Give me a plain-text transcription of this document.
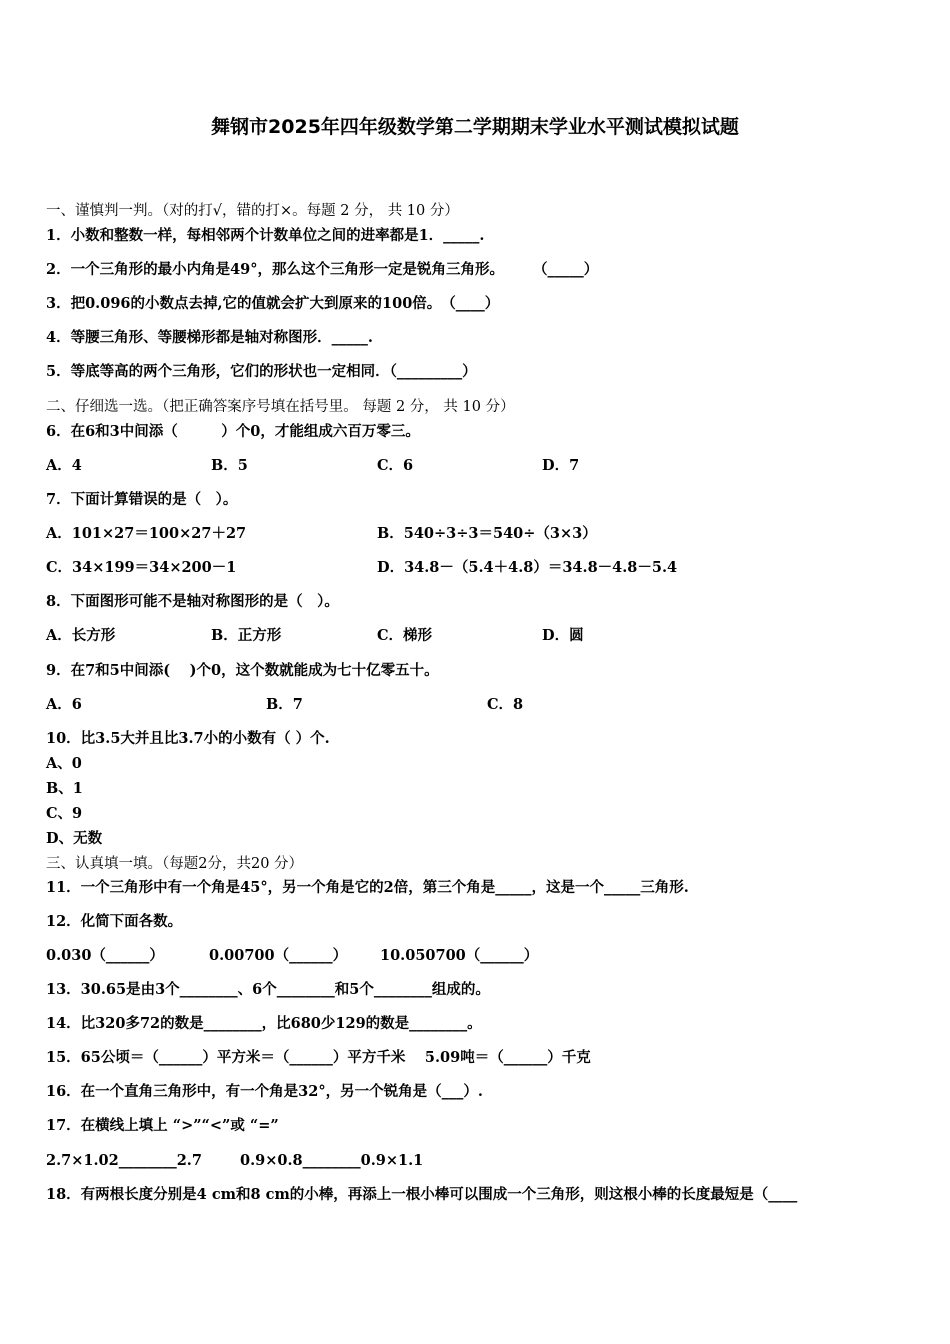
舞钢市2025年四年级数学第二学期期末学业水平测试模拟试题
一、谨慎判一判。（对的打√，错的打×。每题 2 分， 共 10 分）
1．小数和整数一样，每相邻两个计数单位之间的进率都是1．_____.
2．一个三角形的最小内角是49°，那么这个三角形一定是锐角三角形。　　　（_____）
3．把0.096的小数点去掉,它的值就会扩大到原来的100倍。　（____）
4．等腰三角形、等腰梯形都是轴对称图形．_____.
5．等底等高的两个三角形，它们的形状也一定相同．（_________）
二、仔细选一选。（把正确答案序号填在括号里。 每题 2 分， 共 10 分）
6．在6和3中间添（　　　）个0，才能组成六百万零三。
A．4	B．5	C．6	D．7
7．下面计算错误的是（　）。
A．101×27＝100×27＋27	B．540÷3÷3＝540÷（3×3）
C．34×199＝34×200－1	D．34.8－（5.4＋4.8）＝34.8－4.8－5.4
8．下面图形可能不是轴对称图形的是（　）。
A．长方形	B．正方形	C．梯形	D．圆
9．在7和5中间添(　 )个0，这个数就能成为七十亿零五十。
A．6	B．7	C．8
10．比3.5大并且比3.7小的小数有（ ）个.
A、0
B、1
C、9
D、无数
三、认真填一填。（每题2分，共20 分）
11．一个三角形中有一个角是45°，另一个角是它的2倍，第三个角是_____，这是一个_____三角形.
12．化简下面各数。
0.030（______）	0.00700（______） 10.050700（______）
13．30.65是由3个________、6个________和5个________组成的。
14．比320多72的数是________，比680少129的数是________。
15．65公顷＝（______）平方米＝（______）平方千米　 5.09吨＝（______）千克
16．在一个直角三角形中，有一个角是32°，另一个锐角是（___）.
17．在横线上填上 “>”“<”或 “=”
2.7×1.02________2.7	0.9×0.8________0.9×1.1
18．有两根长度分别是4 cm和8 cm的小棒，再添上一根小棒可以围成一个三角形，则这根小棒的长度最短是（____
